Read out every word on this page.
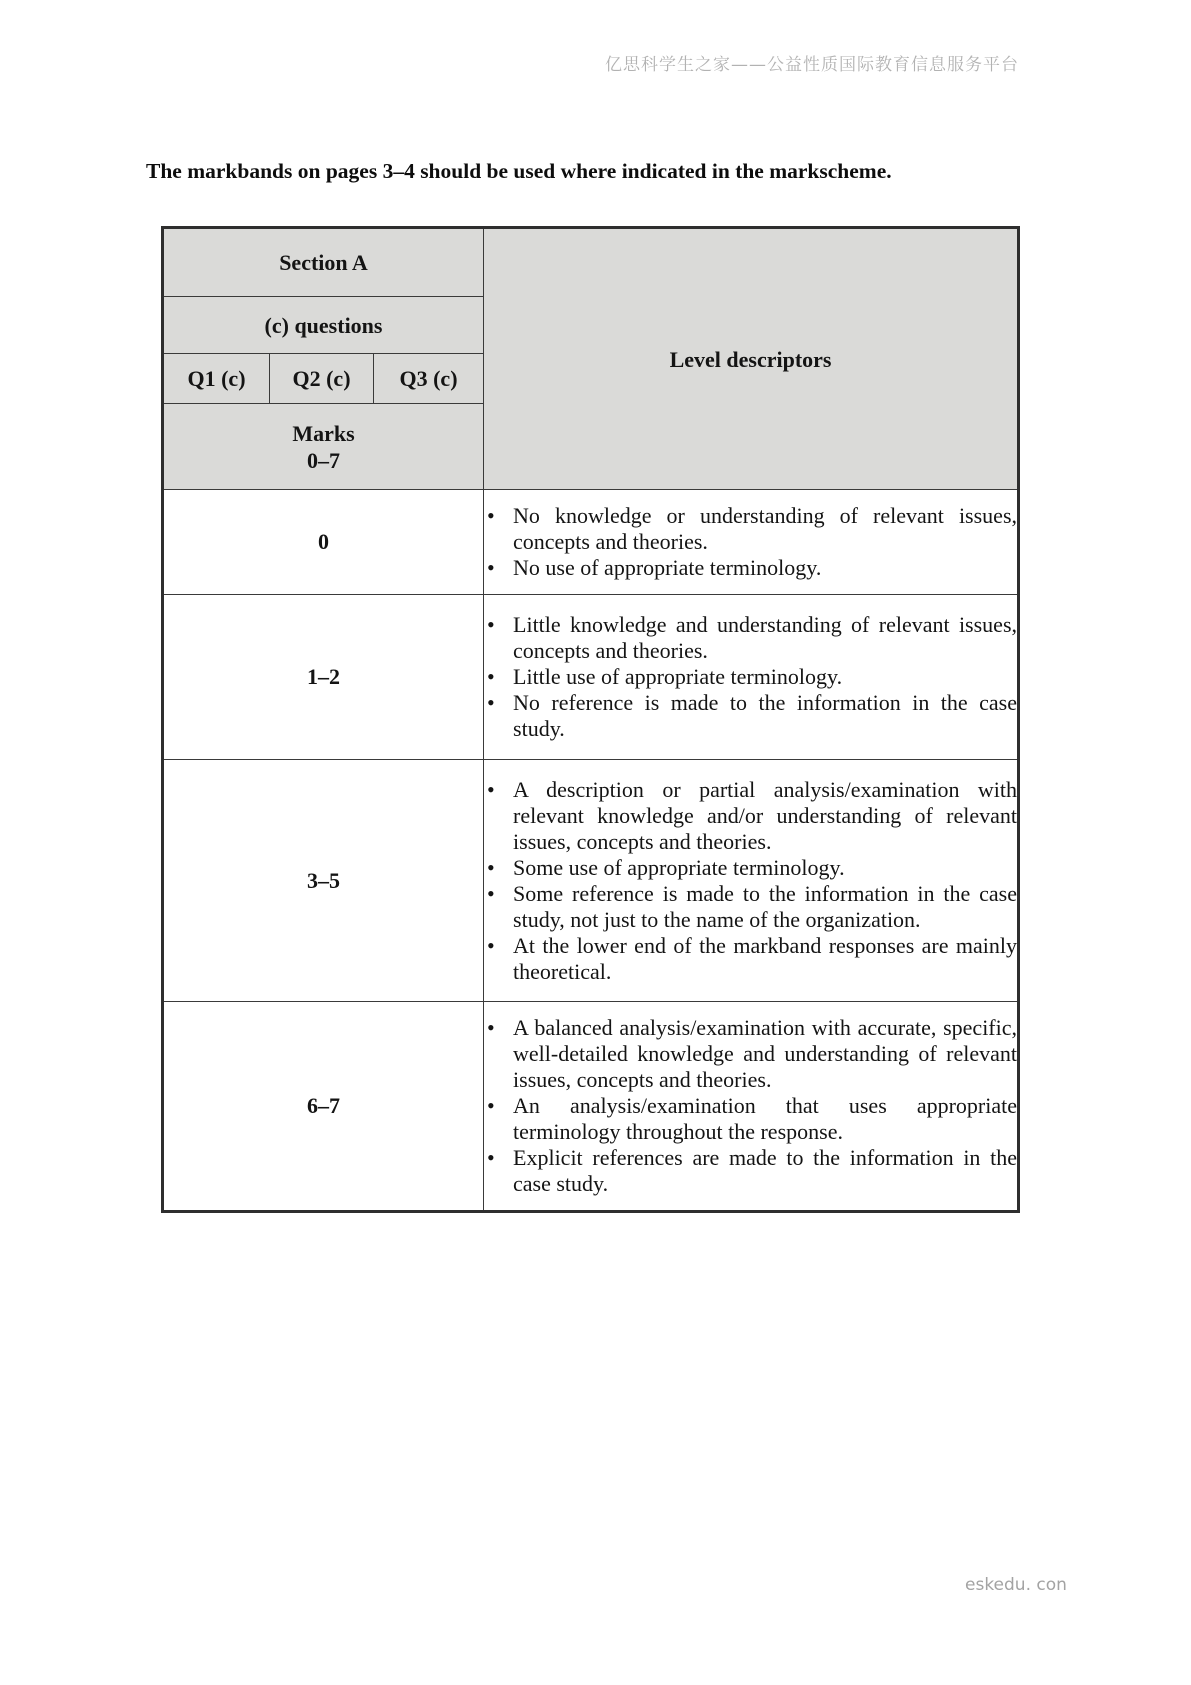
亿思科学生之家——公益性质国际教育信息服务平台
The markbands on pages 3–4 should be used where indicated in the markscheme.
Section A			Level descriptors
(c) questions			
Q1 (c)	Q2 (c)	Q3 (c)	

Marks
0–7			

0	
• No knowledge or understanding of relevant issues, concepts and theories.
• No use of appropriate terminology.

1–2	
• Little knowledge and understanding of relevant issues, concepts and theories.
• Little use of appropriate terminology.
• No reference is made to the information in the case study.

3–5	
• A description or partial analysis/examination with relevant knowledge and/or understanding of relevant issues, concepts and theories.
• Some use of appropriate terminology.
• Some reference is made to the information in the case study, not just to the name of the organization.
• At the lower end of the markband responses are mainly theoretical.

6–7	
• A balanced analysis/examination with accurate, specific, well-detailed knowledge and understanding of relevant issues, concepts and theories.
• An analysis/examination that uses appropriate terminology throughout the response.
• Explicit references are made to the information in the case study.
eskedu. con
